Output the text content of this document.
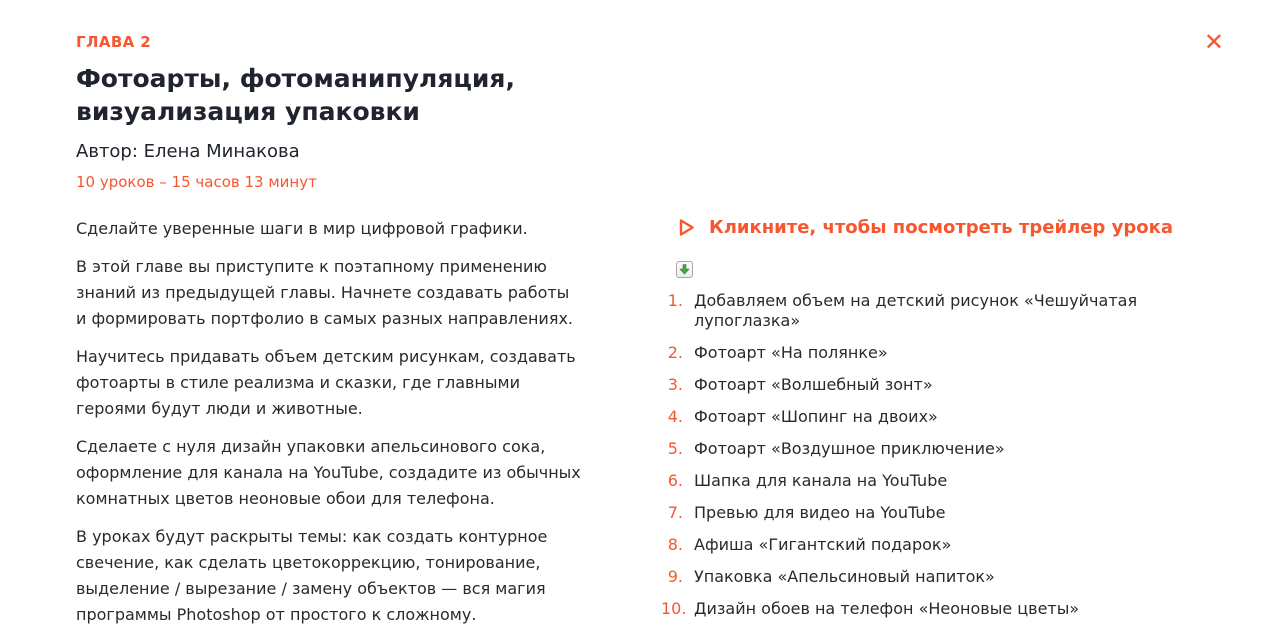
✕
ГЛАВА 2
Фотоарты, фотоманипуляция, визуализация упаковки
Автор: Елена Минакова
10 уроков – 15 часов 13 минут

Сделайте уверенные шаги в мир цифровой графики.

В этой главе вы приступите к поэтапному применению знаний из предыдущей главы. Начнете создавать работы и формировать портфолио в самых разных направлениях.

Научитесь придавать объем детским рисункам, создавать фотоарты в стиле реализма и сказки, где главными героями будут люди и животные.

Сделаете с нуля дизайн упаковки апельсинового сока, оформление для канала на YouTube, создадите из обычных комнатных цветов неоновые обои для телефона.

В уроках будут раскрыты темы: как создать контурное свечение, как сделать цветокоррекцию, тонирование, выделение / вырезание / замену объектов — вся магия программы Photoshop от простого к сложному.

Кликните, чтобы посмотреть трейлер урока
1. Добавляем объем на детский рисунок «Чешуйчатая лупоглазка»
2. Фотоарт «На полянке»
3. Фотоарт «Волшебный зонт»
4. Фотоарт «Шопинг на двоих»
5. Фотоарт «Воздушное приключение»
6. Шапка для канала на YouTube
7. Превью для видео на YouTube
8. Афиша «Гигантский подарок»
9. Упаковка «Апельсиновый напиток»
10. Дизайн обоев на телефон «Неоновые цветы»
